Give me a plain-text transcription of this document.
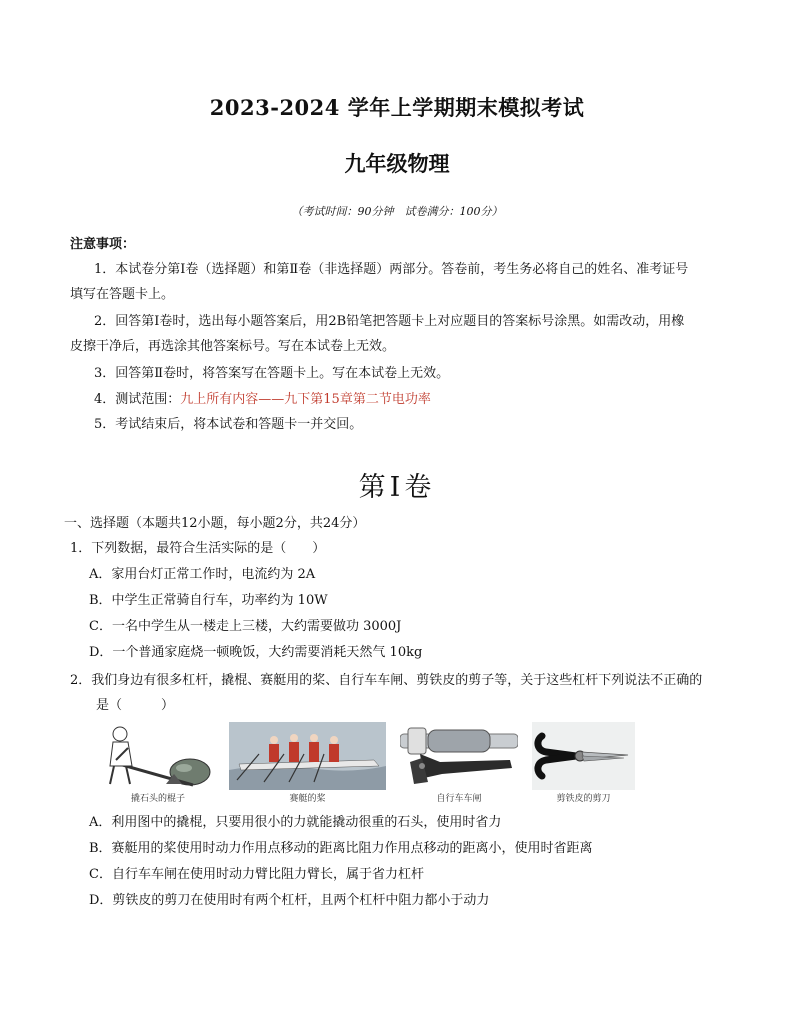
2023-2024 学年上学期期末模拟考试
九年级物理
（考试时间：90分钟　试卷满分：100分）
注意事项：
1．本试卷分第Ⅰ卷（选择题）和第Ⅱ卷（非选择题）两部分。答卷前，考生务必将自己的姓名、准考证号
填写在答题卡上。
2．回答第Ⅰ卷时，选出每小题答案后，用2B铅笔把答题卡上对应题目的答案标号涂黑。如需改动，用橡
皮擦干净后，再选涂其他答案标号。写在本试卷上无效。
3．回答第Ⅱ卷时，将答案写在答题卡上。写在本试卷上无效。
4．测试范围：九上所有内容——九下第15章第二节电功率
5．考试结束后，将本试卷和答题卡一并交回。
第Ⅰ卷
一、选择题（本题共12小题，每小题2分，共24分）
1．下列数据，最符合生活实际的是（　　）
A．家用台灯正常工作时，电流约为 2A
B．中学生正常骑自行车，功率约为 10W
C．一名中学生从一楼走上三楼，大约需要做功 3000J
D．一个普通家庭烧一顿晚饭，大约需要消耗天然气 10kg
2．我们身边有很多杠杆，撬棍、赛艇用的桨、自行车车闸、剪铁皮的剪子等，关于这些杠杆下列说法不正确的
是（　　　）
撬石头的棍子	赛艇的桨	自行车车闸	剪铁皮的剪刀
A．利用图中的撬棍，只要用很小的力就能撬动很重的石头，使用时省力
B．赛艇用的桨使用时动力作用点移动的距离比阻力作用点移动的距离小，使用时省距离
C．自行车车闸在使用时动力臂比阻力臂长，属于省力杠杆
D．剪铁皮的剪刀在使用时有两个杠杆，且两个杠杆中阻力都小于动力
